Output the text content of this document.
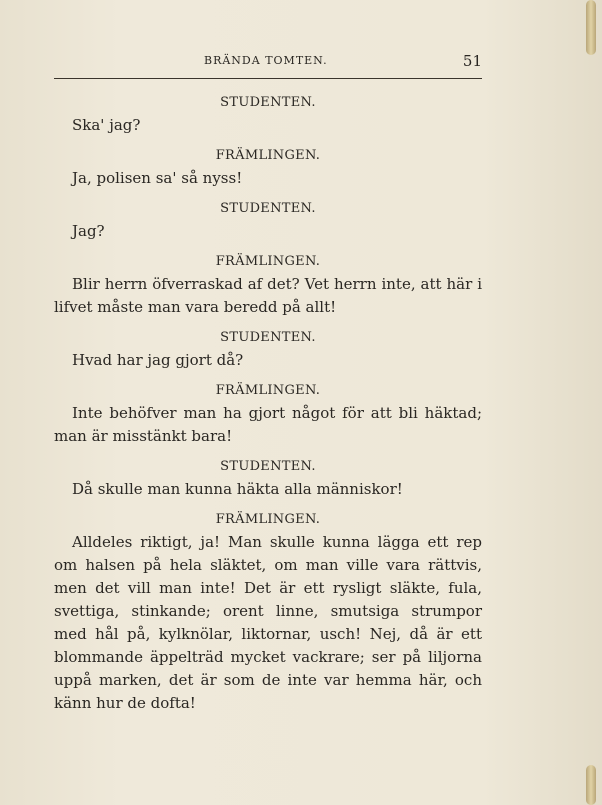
BRÄNDA TOMTEN.	51
STUDENTEN.

Ska' jag?

FRÄMLINGEN.

Ja, polisen sa' så nyss!

STUDENTEN.

Jag?

FRÄMLINGEN.

Blir herrn öfverraskad af det? Vet herrn inte, att här i lifvet måste man vara beredd på allt!

STUDENTEN.

Hvad har jag gjort då?

FRÄMLINGEN.

Inte behöfver man ha gjort något för att bli häktad; man är misstänkt bara!

STUDENTEN.

Då skulle man kunna häkta alla människor!

FRÄMLINGEN.

Alldeles riktigt, ja! Man skulle kunna lägga ett rep om halsen på hela släktet, om man ville vara rättvis, men det vill man inte! Det är ett rysligt släkte, fula, svettiga, stinkande; orent linne, smutsiga strumpor med hål på, kylknölar, liktornar, usch! Nej, då är ett blommande äppelträd mycket vackrare; ser på liljorna uppå marken, det är som de inte var hemma här, och känn hur de dofta!
